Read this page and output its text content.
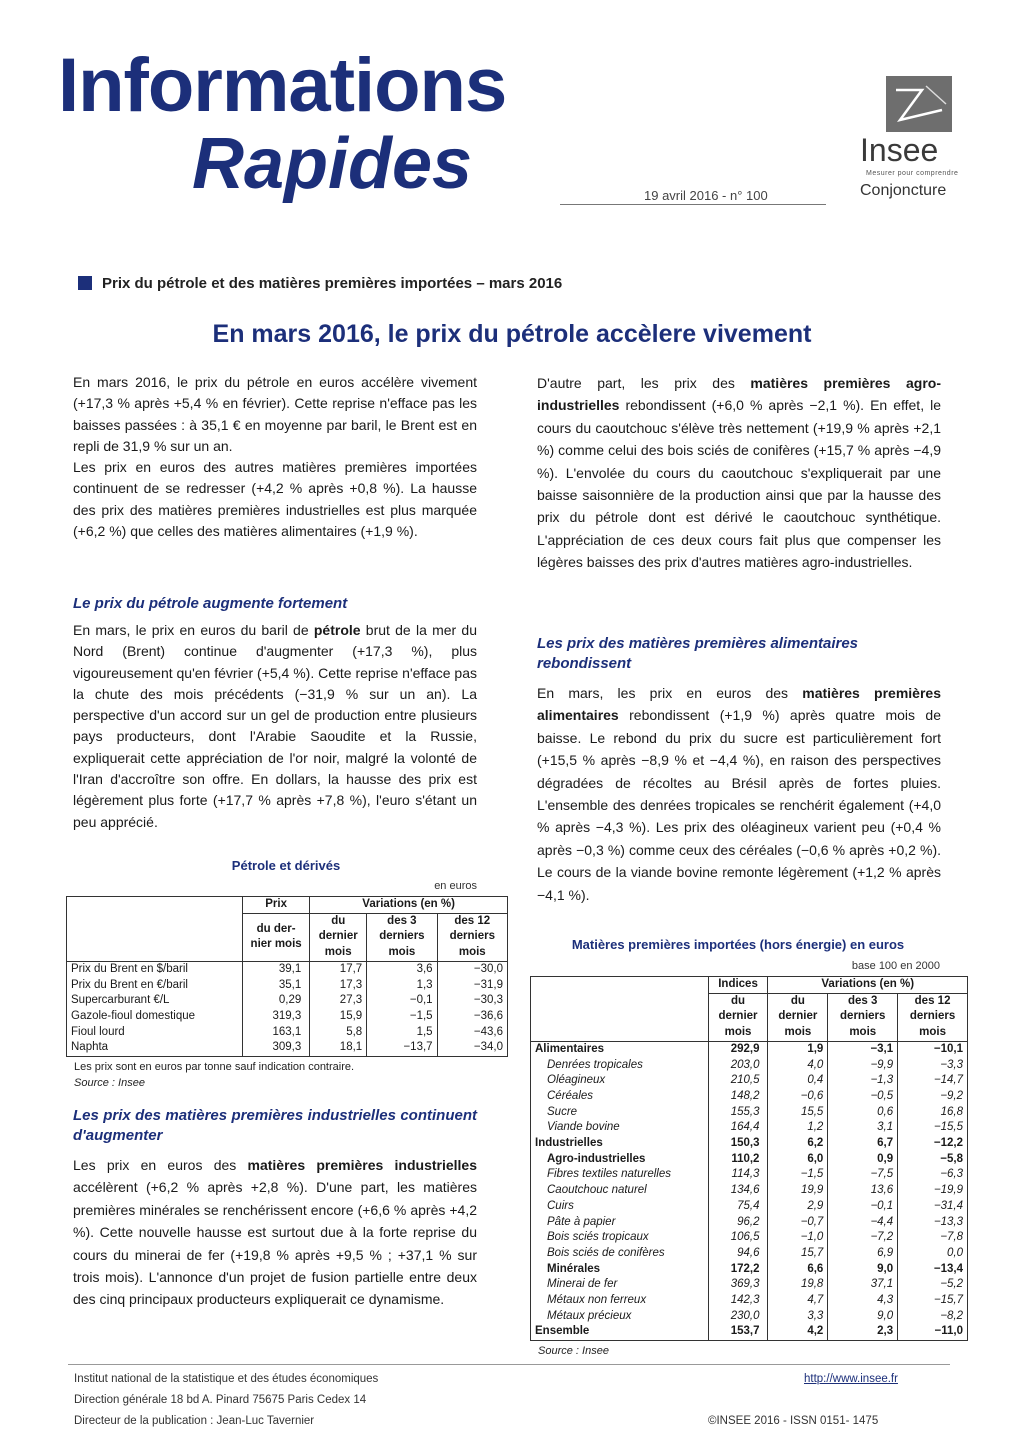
Informations
Rapides	19 avril 2016 - n° 100
Insee
Mesurer pour comprendre
Conjoncture
Prix du pétrole et des matières premières importées – mars 2016
En mars 2016, le prix du pétrole accèlere vivement

En mars 2016, le prix du pétrole en euros accélère vivement (+17,3 % après +5,4 % en février). Cette reprise n'efface pas les baisses passées : à 35,1 € en moyenne par baril, le Brent est en repli de 31,9 % sur un an.

Les prix en euros des autres matières premières importées continuent de se redresser (+4,2 % après +0,8 %). La hausse des prix des matières premières industrielles est plus marquée (+6,2 %) que celles des matières alimentaires (+1,9 %).

Le prix du pétrole augmente fortement

En mars, le prix en euros du baril de pétrole brut de la mer du Nord (Brent) continue d'augmenter (+17,3 %), plus vigoureusement qu'en février (+5,4 %). Cette reprise n'efface pas la chute des mois précédents (−31,9 % sur un an). La perspective d'un accord sur un gel de production entre plusieurs pays producteurs, dont l'Arabie Saoudite et la Russie, expliquerait cette appréciation de l'or noir, malgré la volonté de l'Iran d'accroître son offre. En dollars, la hausse des prix est légèrement plus forte (+17,7 % après +7,8 %), l'euro s'étant un peu apprécié.

Pétrole et dérivés
en euros
	Prix	Variations (en %)		
	du der-nier mois	du dernier mois	des 3 derniers mois	des 12 derniers mois
Prix du Brent en $/baril	39,1	17,7	3,6	−30,0
Prix du Brent en €/baril	35,1	17,3	1,3	−31,9
Supercarburant €/L	0,29	27,3	−0,1	−30,3
Gazole-fioul domestique	319,3	15,9	−1,5	−36,6
Fioul lourd	163,1	5,8	1,5	−43,6
Naphta	309,3	18,1	−13,7	−34,0
Les prix sont en euros par tonne sauf indication contraire.
Source : Insee
Les prix des matières premières industrielles continuent d'augmenter

Les prix en euros des matières premières industrielles accélèrent (+6,2 % après +2,8 %). D'une part, les matières premières minérales se renchérissent encore (+6,6 % après +4,2 %). Cette nouvelle hausse est surtout due à la forte reprise du cours du minerai de fer (+19,8 % après +9,5 % ; +37,1 % sur trois mois). L'annonce d'un projet de fusion partielle entre deux des cinq principaux producteurs expliquerait ce dynamisme.

D'autre part, les prix des matières premières agro-industrielles rebondissent (+6,0 % après −2,1 %). En effet, le cours du caoutchouc s'élève très nettement (+19,9 % après +2,1 %) comme celui des bois sciés de conifères (+15,7 % après −4,9 %). L'envolée du cours du caoutchouc s'expliquerait par une baisse saisonnière de la production ainsi que par la hausse des prix du pétrole dont est dérivé le caoutchouc synthétique. L'appréciation de ces deux cours fait plus que compenser les légères baisses des prix d'autres matières agro-industrielles.

Les prix des matières premières alimentaires rebondissent

En mars, les prix en euros des matières premières alimentaires rebondissent (+1,9 %) après quatre mois de baisse. Le rebond du prix du sucre est particulièrement fort (+15,5 % après −8,9 % et −4,4 %), en raison des perspectives dégradées de récoltes au Brésil après de fortes pluies. L'ensemble des denrées tropicales se renchérit également (+4,0 % après −4,3 %). Les prix des oléagineux varient peu (+0,4 % après −0,3 %) comme ceux des céréales (−0,6 % après +0,2 %). Le cours de la viande bovine remonte légèrement (+1,2 % après −4,1 %).

Matières premières importées (hors énergie) en euros
base 100 en 2000
	Indices	Variations (en %)		
	du dernier mois	du dernier mois	des 3 derniers mois	des 12 derniers mois
Alimentaires	292,9	1,9	−3,1	−10,1
Denrées tropicales	203,0	4,0	−9,9	−3,3
Oléagineux	210,5	0,4	−1,3	−14,7
Céréales	148,2	−0,6	−0,5	−9,2
Sucre	155,3	15,5	0,6	16,8
Viande bovine	164,4	1,2	3,1	−15,5
Industrielles	150,3	6,2	6,7	−12,2
Agro-industrielles	110,2	6,0	0,9	−5,8
Fibres textiles naturelles	114,3	−1,5	−7,5	−6,3
Caoutchouc naturel	134,6	19,9	13,6	−19,9
Cuirs	75,4	2,9	−0,1	−31,4
Pâte à papier	96,2	−0,7	−4,4	−13,3
Bois sciés tropicaux	106,5	−1,0	−7,2	−7,8
Bois sciés de conifères	94,6	15,7	6,9	0,0
Minérales	172,2	6,6	9,0	−13,4
Minerai de fer	369,3	19,8	37,1	−5,2
Métaux non ferreux	142,3	4,7	4,3	−15,7
Métaux précieux	230,0	3,3	9,0	−8,2
Ensemble	153,7	4,2	2,3	−11,0
Source : Insee
Institut national de la statistique et des études économiques
Direction générale 18 bd A. Pinard 75675 Paris Cedex 14
Directeur de la publication : Jean-Luc Tavernier
http://www.insee.fr
©INSEE 2016 - ISSN 0151- 1475
